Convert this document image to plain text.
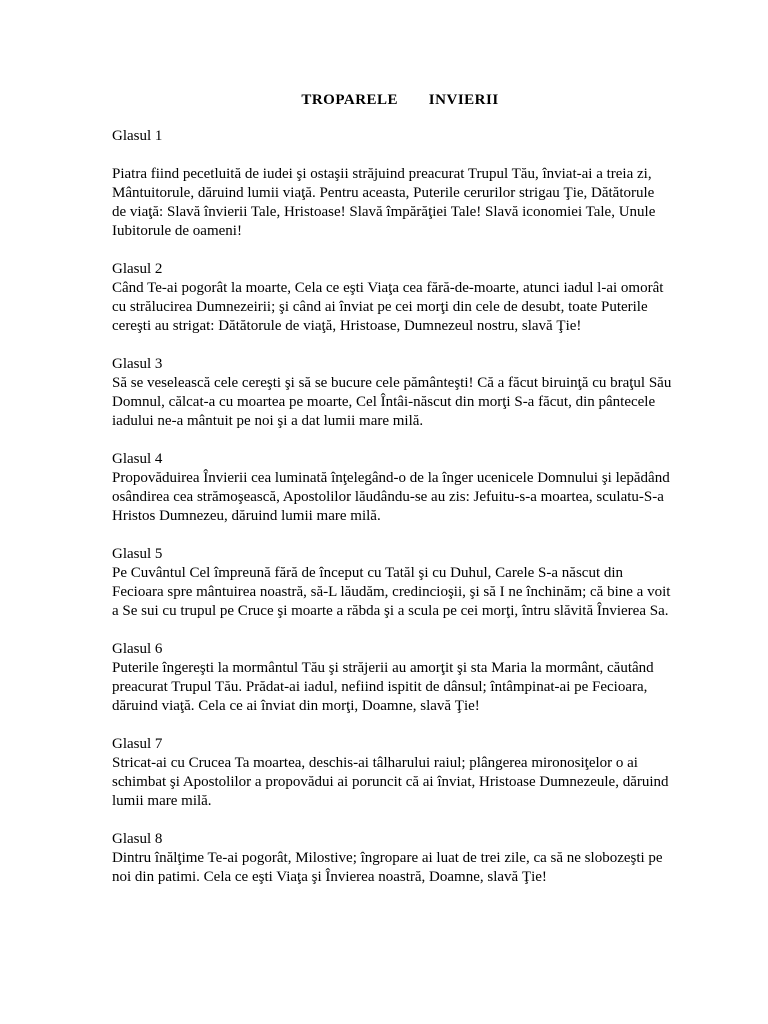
TROPARELE   INVIERII

Glasul 1

Piatra fiind pecetluită de iudei şi ostaşii străjuind preacurat Trupul Tău, înviat-ai a treia zi, Mântuitorule, dăruind lumii viaţă. Pentru aceasta, Puterile cerurilor strigau Ţie, Dătătorule de viaţă: Slavă învierii Tale, Hristoase! Slavă împărăţiei Tale! Slavă iconomiei Tale, Unule Iubitorule de oameni!

Glasul 2

Când Te-ai pogorât la moarte, Cela ce eşti Viaţa cea fără-de-moarte, atunci iadul l-ai omorât cu strălucirea Dumnezeirii; şi când ai înviat pe cei morţi din cele de desubt, toate Puterile cereşti au strigat: Dătătorule de viaţă, Hristoase, Dumnezeul nostru, slavă Ţie!

Glasul 3

Să se veselească cele cereşti şi să se bucure cele pământeşti! Că a făcut biruinţă cu braţul Său Domnul, călcat-a cu moartea pe moarte, Cel Întâi-născut din morţi S-a făcut, din pântecele iadului ne-a mântuit pe noi şi a dat lumii mare milă.

Glasul 4

Propovăduirea Învierii cea luminată înţelegând-o de la înger ucenicele Domnului şi lepădând osândirea cea strămoşească, Apostolilor lăudându-se au zis: Jefuitu-s-a moartea, sculatu-S-a Hristos Dumnezeu, dăruind lumii mare milă.

Glasul 5

Pe Cuvântul Cel împreună fără de început cu Tatăl şi cu Duhul, Carele S-a născut din Fecioara spre mântuirea noastră, să-L lăudăm, credincioşii, şi să I ne închinăm; că bine a voit a Se sui cu trupul pe Cruce şi moarte a răbda şi a scula pe cei morţi, întru slăvită Învierea Sa.

Glasul 6

Puterile îngereşti la mormântul Tău şi străjerii au amorţit şi sta Maria la mormânt, căutând preacurat Trupul Tău. Prădat-ai iadul, nefiind ispitit de dânsul; întâmpinat-ai pe Fecioara, dăruind viaţă. Cela ce ai înviat din morţi, Doamne, slavă Ţie!

Glasul 7

Stricat-ai cu Crucea Ta moartea, deschis-ai tâlharului raiul; plângerea mironosiţelor o ai schimbat şi Apostolilor a propovădui ai poruncit că ai înviat, Hristoase Dumnezeule, dăruind lumii mare milă.

Glasul 8

Dintru înălţime Te-ai pogorât, Milostive; îngropare ai luat de trei zile, ca să ne slobozeşti pe noi din patimi. Cela ce eşti Viaţa şi Învierea noastră, Doamne, slavă Ţie!
